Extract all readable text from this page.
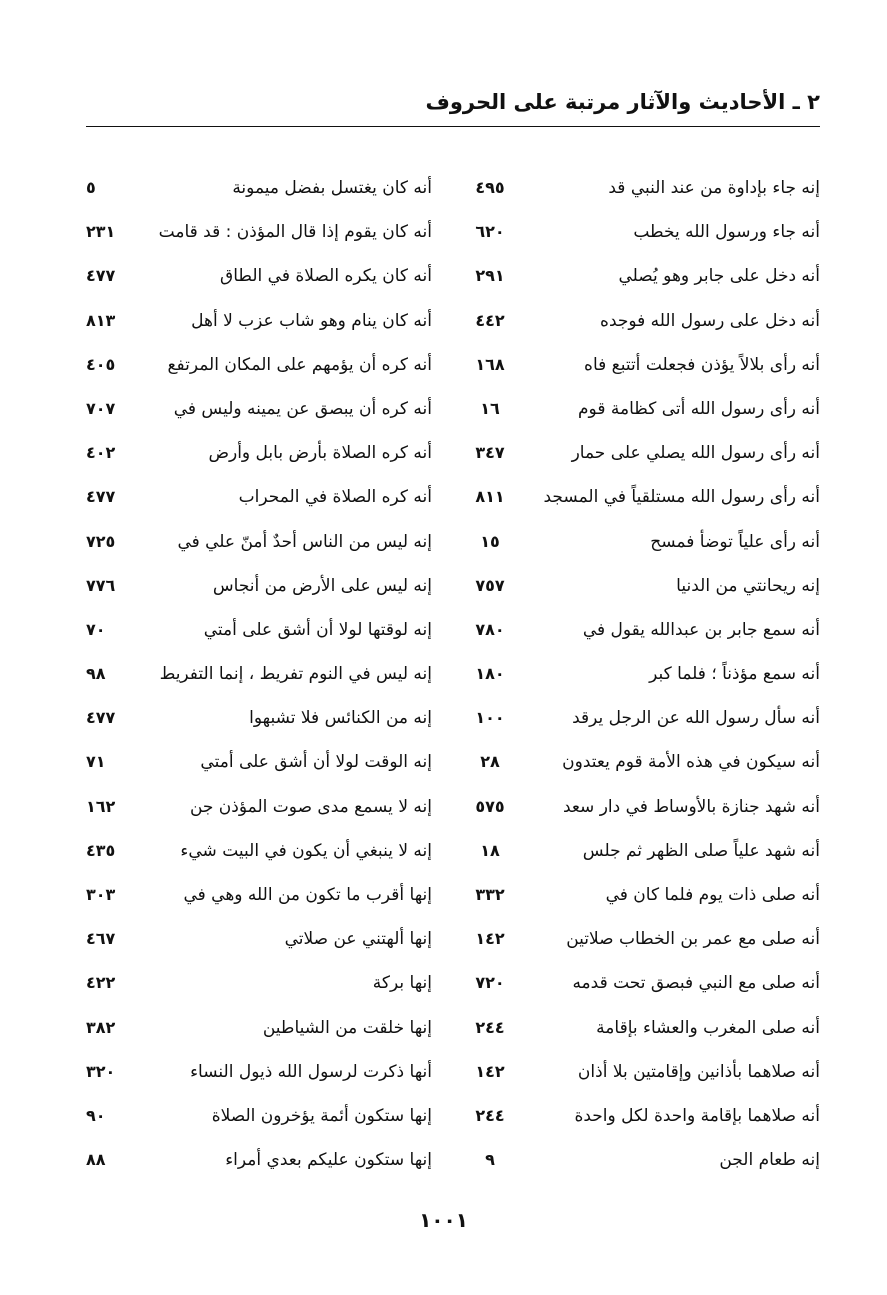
٢ ـ الأحاديث والآثار مرتبة على الحروف
إنه جاء بإداوة من عند النبي قد
٤٩٥
أنه كان يغتسل بفضل ميمونة
٥
أنه جاء ورسول الله يخطب
٦٢٠
أنه كان يقوم إذا قال المؤذن : قد قامت
٢٣١
أنه دخل على جابر وهو يُصلي
٢٩١
أنه كان يكره الصلاة في الطاق
٤٧٧
أنه دخل على رسول الله فوجده
٤٤٢
أنه كان ينام وهو شاب عزب لا أهل
٨١٣
أنه رأى بلالاً يؤذن فجعلت أتتبع فاه
١٦٨
أنه كره أن يؤمهم على المكان المرتفع
٤٠٥
أنه رأى رسول الله أتى كظامة قوم
١٦
أنه كره أن يبصق عن يمينه وليس في
٧٠٧
أنه رأى رسول الله يصلي على حمار
٣٤٧
أنه كره الصلاة بأرض بابل وأرض
٤٠٢
أنه رأى رسول الله مستلقياً في المسجد
٨١١
أنه كره الصلاة في المحراب
٤٧٧
أنه رأى علياً توضأ فمسح
١٥
إنه ليس من الناس أحدٌ أمنّ علي في
٧٢٥
إنه ريحانتي من الدنيا
٧٥٧
إنه ليس على الأرض من أنجاس
٧٧٦
أنه سمع جابر بن عبدالله يقول في
٧٨٠
إنه لوقتها لولا أن أشق على أمتي
٧٠
أنه سمع مؤذناً ؛ فلما كبر
١٨٠
إنه ليس في النوم تفريط ، إنما التفريط
٩٨
أنه سأل رسول الله عن الرجل يرقد
١٠٠
إنه من الكنائس فلا تشبهوا
٤٧٧
أنه سيكون في هذه الأمة قوم يعتدون
٢٨
إنه الوقت لولا أن أشق على أمتي
٧١
أنه شهد جنازة بالأوساط في دار سعد
٥٧٥
إنه لا يسمع مدى صوت المؤذن جن
١٦٢
أنه شهد علياً صلى الظهر ثم جلس
١٨
إنه لا ينبغي أن يكون في البيت شيء
٤٣٥
أنه صلى ذات يوم فلما كان في
٣٣٢
إنها أقرب ما تكون من الله وهي في
٣٠٣
أنه صلى مع عمر بن الخطاب صلاتين
١٤٢
إنها ألهتني عن صلاتي
٤٦٧
أنه صلى مع النبي فبصق تحت قدمه
٧٢٠
إنها بركة
٤٢٢
أنه صلى المغرب والعشاء بإقامة
٢٤٤
إنها خلقت من الشياطين
٣٨٢
أنه صلاهما بأذانين وإقامتين بلا أذان
١٤٢
أنها ذكرت لرسول الله ذيول النساء
٣٢٠
أنه صلاهما بإقامة واحدة لكل واحدة
٢٤٤
إنها ستكون أئمة يؤخرون الصلاة
٩٠
إنه طعام الجن
٩
إنها ستكون عليكم بعدي أمراء
٨٨
١٠٠١
